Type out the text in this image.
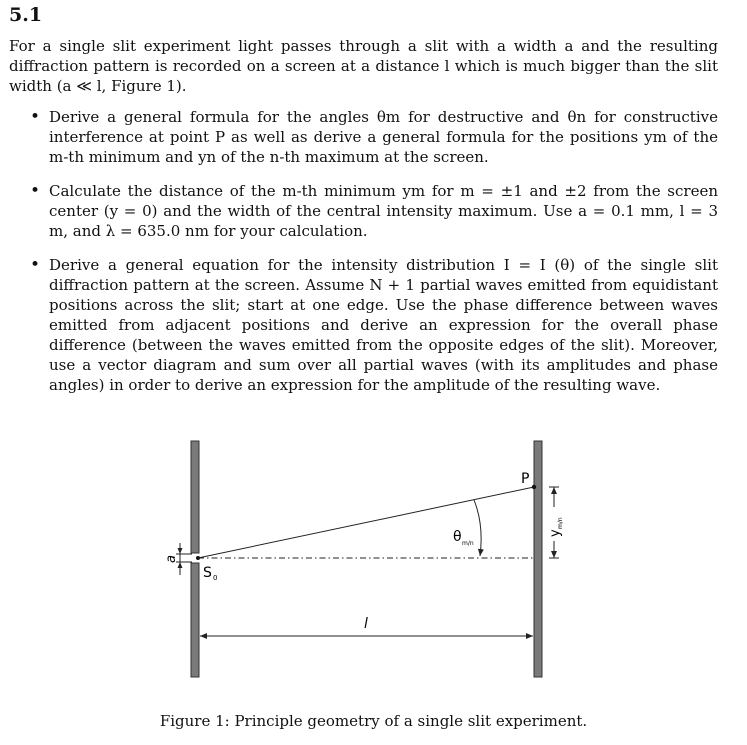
5.1

For a single slit experiment light passes through a slit with a width a and the resulting diffraction pattern is recorded on a screen at a distance l which is much bigger than the slit width (a ≪ l, Figure 1).

• Derive a general formula for the angles θm for destructive and θn for constructive interference at point P as well as derive a general formula for the positions ym of the m-th minimum and yn of the n-th maximum at the screen.
• Calculate the distance of the m-th minimum ym for m = ±1 and ±2 from the screen center (y = 0) and the width of the central intensity maximum. Use a = 0.1 mm, l = 3 m, and λ = 635.0 nm for your calculation.
• Derive a general equation for the intensity distribution I = I (θ) of the single slit diffraction pattern at the screen. Assume N + 1 partial waves emitted from equidistant positions across the slit; start at one edge. Use the phase difference between waves emitted from adjacent positions and derive an expression for the overall phase difference (between the waves emitted from the opposite edges of the slit). Moreover, use a vector diagram and sum over all partial waves (with its amplitudes and phase angles) in order to derive an expression for the amplitude of the resulting wave.
θ m/n
P
y
m/n
a
S 0
l

Figure 1: Principle geometry of a single slit experiment.
